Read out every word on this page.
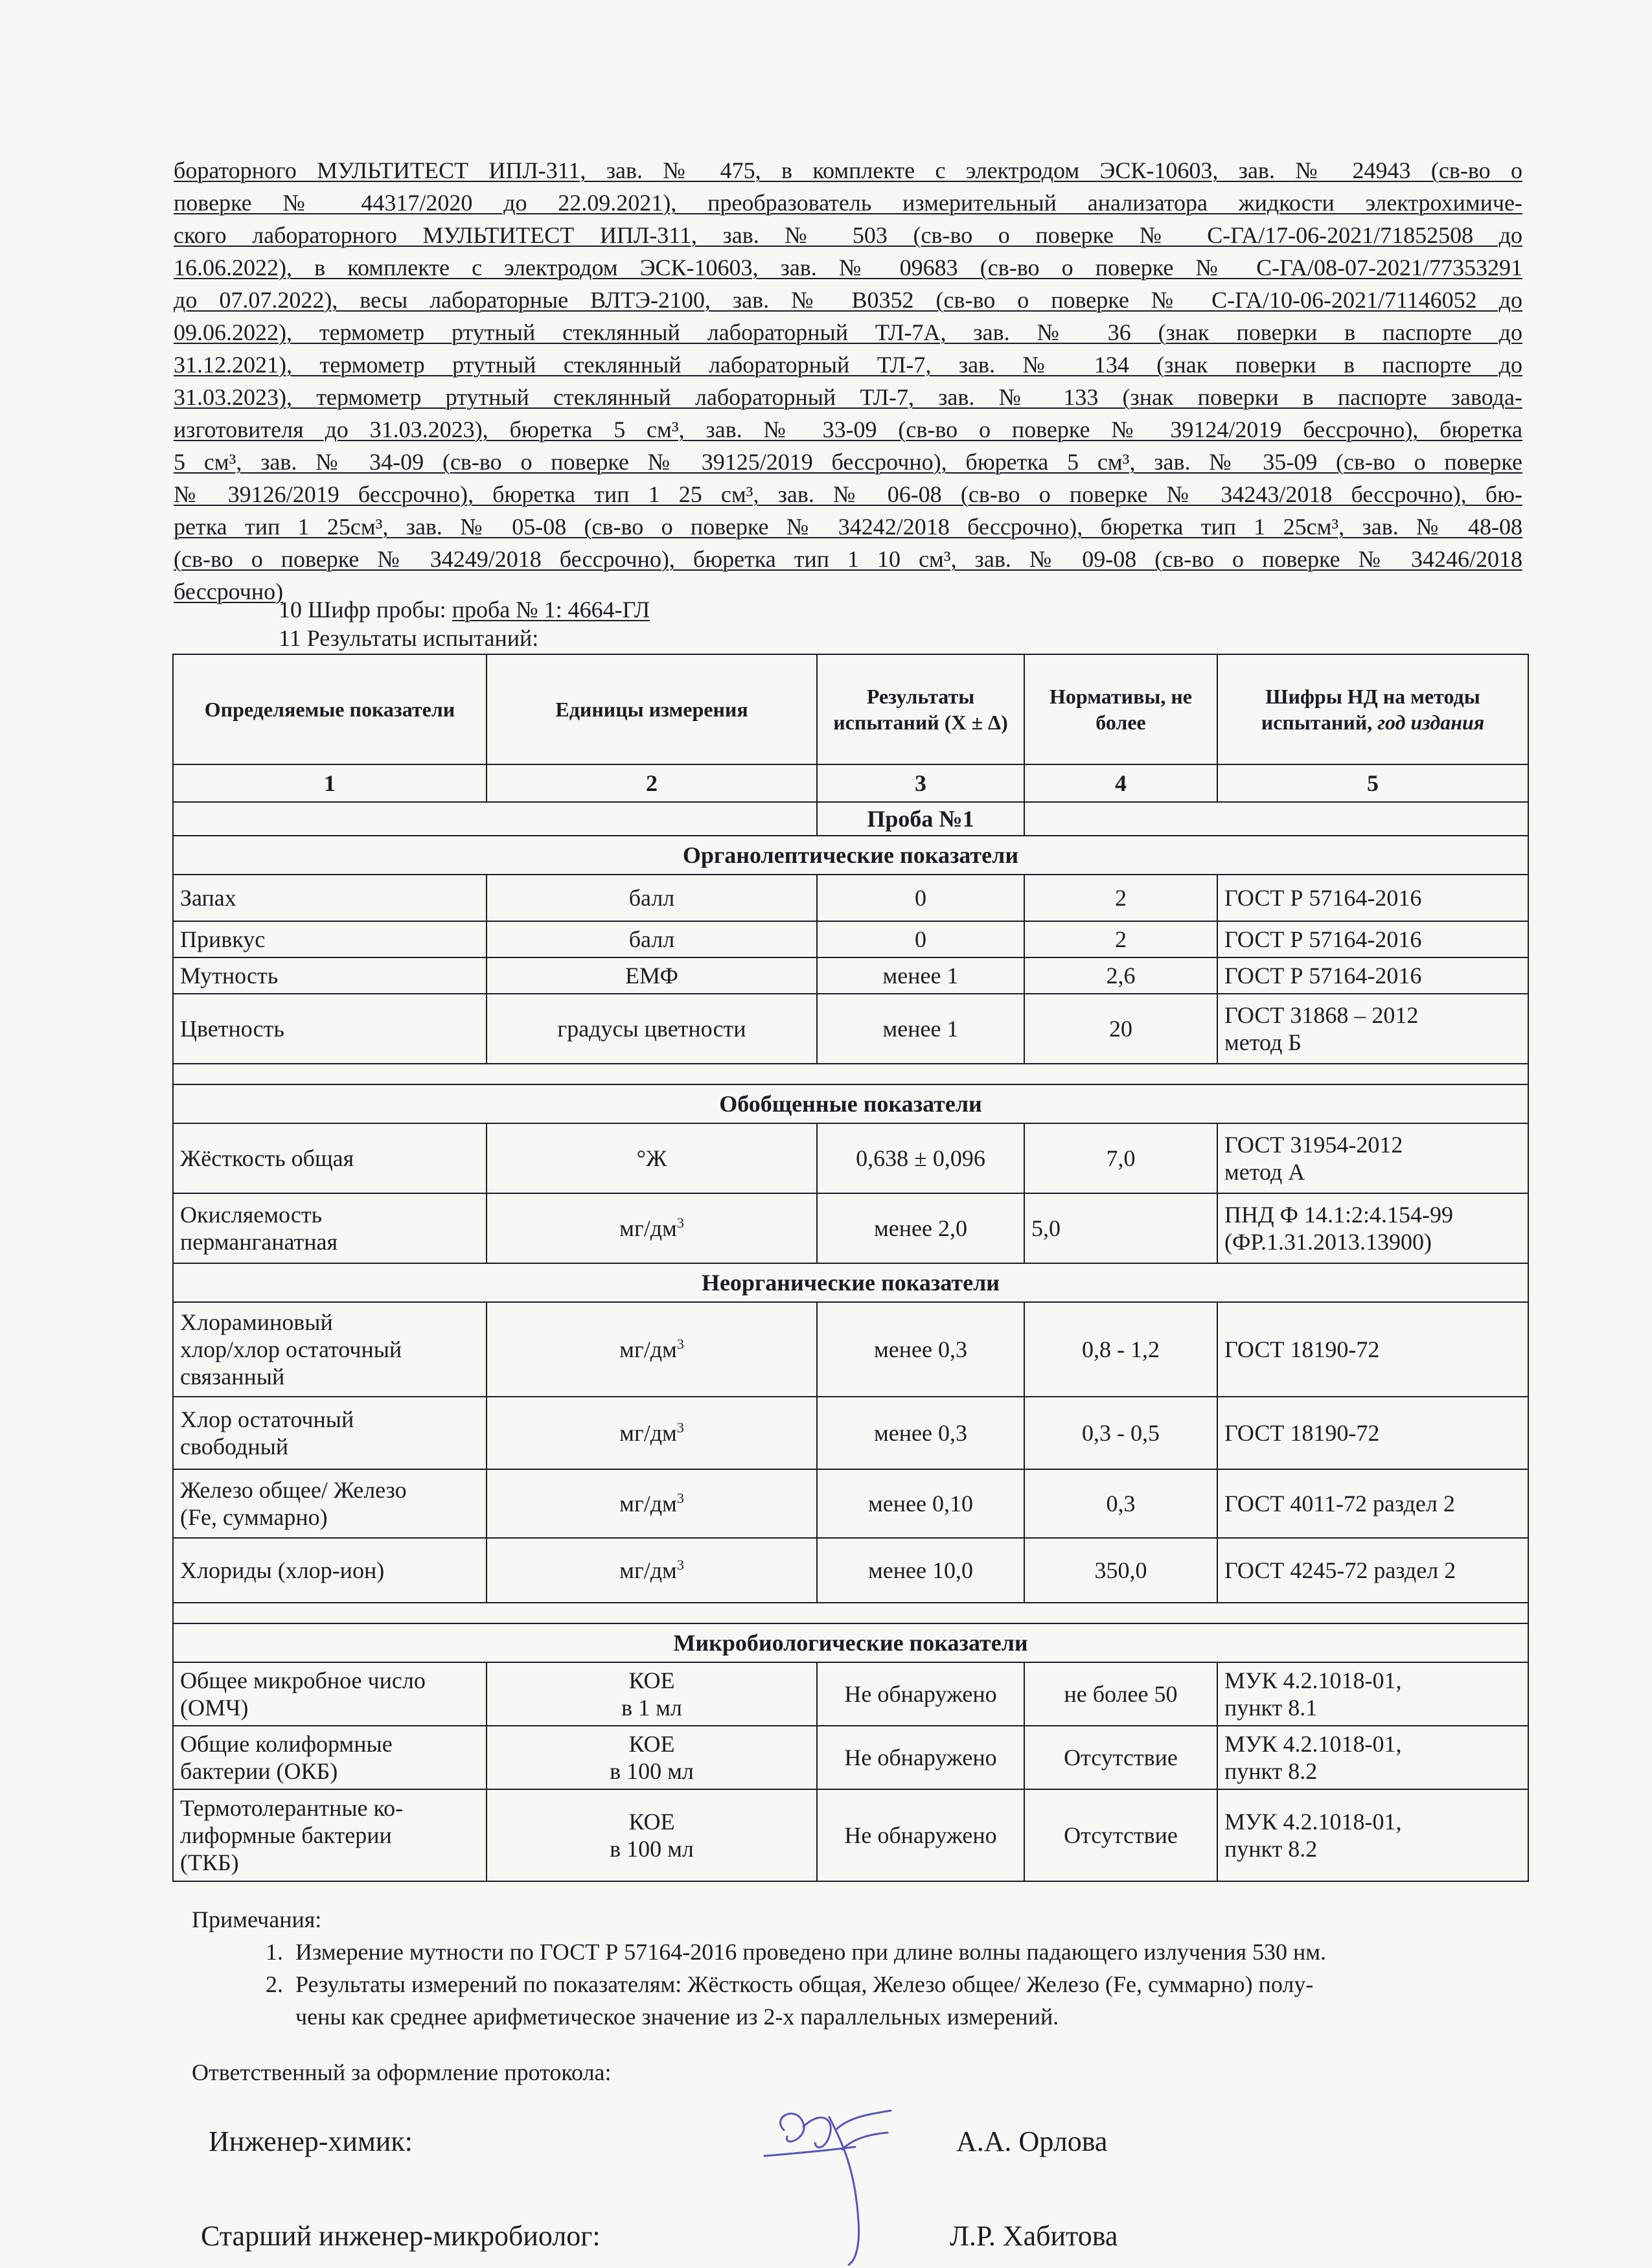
бораторного МУЛЬТИТЕСТ ИПЛ-311, зав. № 475, в комплекте с электродом ЭСК-10603, зав. № 24943 (св-во о
поверке № 44317/2020 до 22.09.2021), преобразователь измерительный анализатора жидкости электрохимиче-
ского лабораторного МУЛЬТИТЕСТ ИПЛ-311, зав. № 503 (св-во о поверке № С-ГА/17-06-2021/71852508 до
16.06.2022), в комплекте с электродом ЭСК-10603, зав. № 09683 (св-во о поверке № С-ГА/08-07-2021/77353291
до 07.07.2022), весы лабораторные ВЛТЭ-2100, зав. № В0352 (св-во о поверке № С-ГА/10-06-2021/71146052 до
09.06.2022), термометр ртутный стеклянный лабораторный ТЛ-7А, зав. № 36 (знак поверки в паспорте до
31.12.2021), термометр ртутный стеклянный лабораторный ТЛ-7, зав. № 134 (знак поверки в паспорте до
31.03.2023), термометр ртутный стеклянный лабораторный ТЛ-7, зав. № 133 (знак поверки в паспорте завода-
изготовителя до 31.03.2023), бюретка 5 см³, зав. № 33-09 (св-во о поверке № 39124/2019 бессрочно), бюретка
5 см³, зав. № 34-09 (св-во о поверке № 39125/2019 бессрочно), бюретка 5 см³, зав. № 35-09 (св-во о поверке
№ 39126/2019 бессрочно), бюретка тип 1 25 см³, зав. № 06-08 (св-во о поверке № 34243/2018 бессрочно), бю-
ретка тип 1 25см³, зав. № 05-08 (св-во о поверке № 34242/2018 бессрочно), бюретка тип 1 25см³, зав. № 48-08
(св-во о поверке № 34249/2018 бессрочно), бюретка тип 1 10 см³, зав. № 09-08 (св-во о поверке № 34246/2018
бессрочно)
10 Шифр пробы: проба № 1: 4664-ГЛ
11 Результаты испытаний:
Определяемые показатели	Единицы измерения	Результаты испытаний (X ± Δ)	Нормативы, не более	Шифры НД на методы испытаний, год издания
1	2	3	4	5
		Проба №1		
Органолептические показатели				
Запах	балл	0	2	ГОСТ Р 57164-2016
Привкус	балл	0	2	ГОСТ Р 57164-2016
Мутность	ЕМФ	менее 1	2,6	ГОСТ Р 57164-2016
Цветность	градусы цветности	менее 1	20	ГОСТ 31868 – 2012
метод Б

Обобщенные показатели				
Жёсткость общая	°Ж	0,638 ± 0,096	7,0	ГОСТ 31954-2012
метод А
Окисляемость
перманганатная	$мг/дм^3$	менее 2,0	5,0	ПНД Ф 14.1:2:4.154-99
(ФР.1.31.2013.13900)
Неорганические показатели				
Хлораминовый
хлор/хлор остаточный
связанный	$мг/дм^3$	менее 0,3	0,8 - 1,2	ГОСТ 18190-72
Хлор остаточный
свободный	$мг/дм^3$	менее 0,3	0,3 - 0,5	ГОСТ 18190-72
Железо общее/ Железо
(Fe, суммарно)	$мг/дм^3$	менее 0,10	0,3	ГОСТ 4011-72 раздел 2
Хлориды (хлор-ион)	$мг/дм^3$	менее 10,0	350,0	ГОСТ 4245-72 раздел 2

Микробиологические показатели				
Общее микробное число
(ОМЧ)	КОЕ
в 1 мл	Не обнаружено	не более 50	МУК 4.2.1018-01,
пункт 8.1
Общие колиформные
бактерии (ОКБ)	КОЕ
в 100 мл	Не обнаружено	Отсутствие	МУК 4.2.1018-01,
пункт 8.2
Термотолерантные ко-
лиформные бактерии
(ТКБ)	КОЕ
в 100 мл	Не обнаружено	Отсутствие	МУК 4.2.1018-01,
пункт 8.2
Примечания:
1. Измерение мутности по ГОСТ Р 57164-2016 проведено при длине волны падающего излучения 530 нм.
2. Результаты измерений по показателям: Жёсткость общая, Железо общее/ Железо (Fe, суммарно) полу-
чены как среднее арифметическое значение из 2-х параллельных измерений.
Ответственный за оформление протокола:
Инженер-химик:	А.А. Орлова
Старший инженер-микробиолог:	Л.Р. Хабитова
